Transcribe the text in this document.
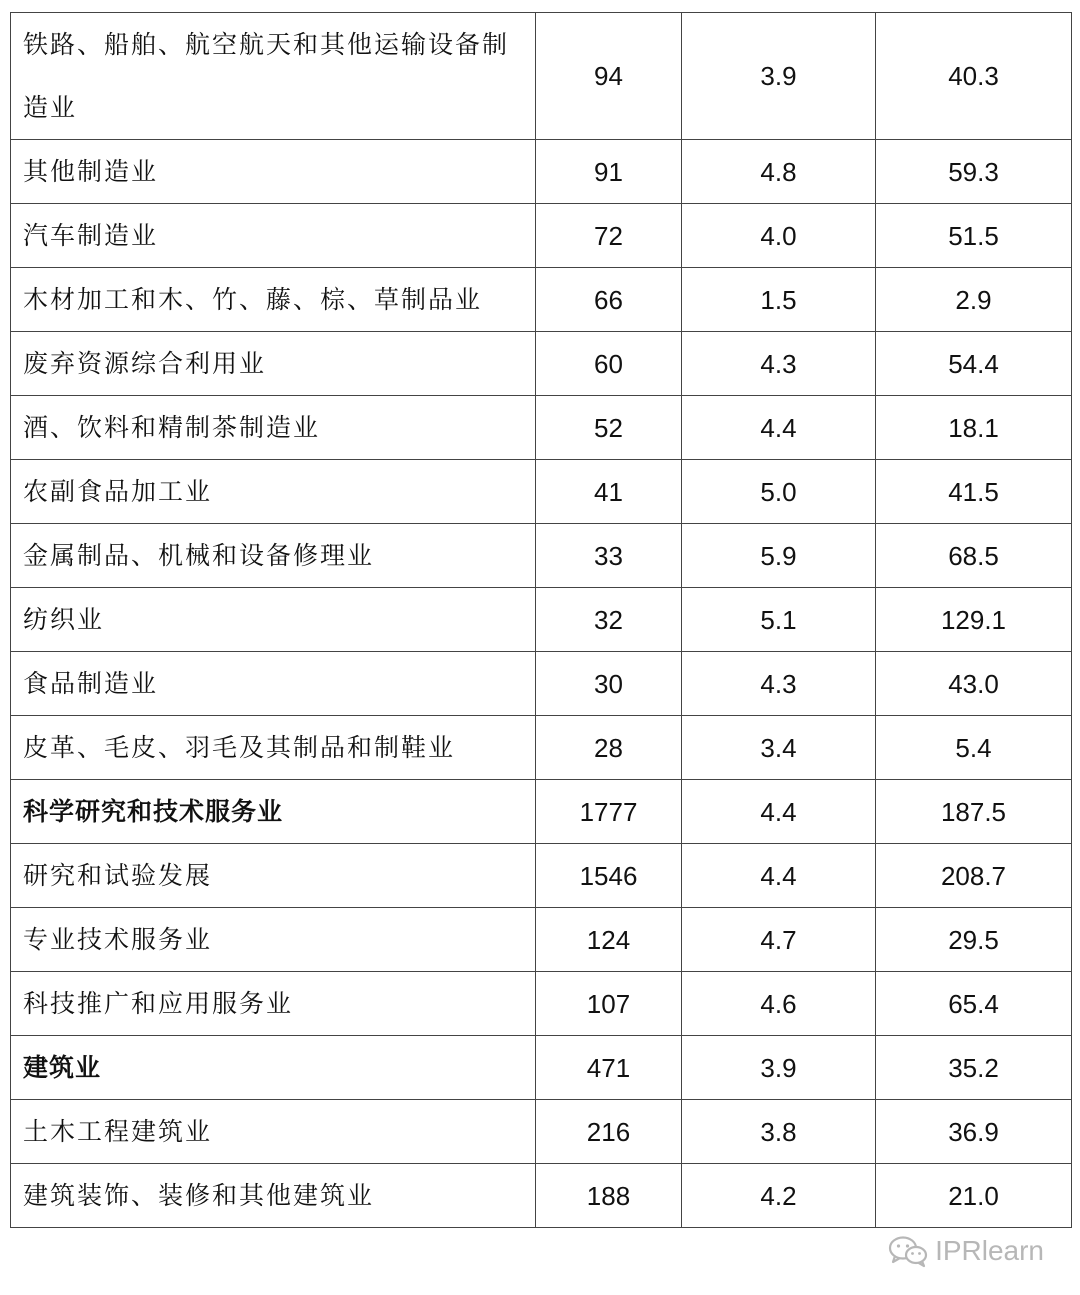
铁路、船舶、航空航天和其他运输设备制造业	94	3.9	40.3
其他制造业	91	4.8	59.3
汽车制造业	72	4.0	51.5
木材加工和木、竹、藤、棕、草制品业	66	1.5	2.9
废弃资源综合利用业	60	4.3	54.4
酒、饮料和精制茶制造业	52	4.4	18.1
农副食品加工业	41	5.0	41.5
金属制品、机械和设备修理业	33	5.9	68.5
纺织业	32	5.1	129.1
食品制造业	30	4.3	43.0
皮革、毛皮、羽毛及其制品和制鞋业	28	3.4	5.4
科学研究和技术服务业	1777	4.4	187.5
研究和试验发展	1546	4.4	208.7
专业技术服务业	124	4.7	29.5
科技推广和应用服务业	107	4.6	65.4
建筑业	471	3.9	35.2
土木工程建筑业	216	3.8	36.9
建筑装饰、装修和其他建筑业	188	4.2	21.0
IPRlearn
